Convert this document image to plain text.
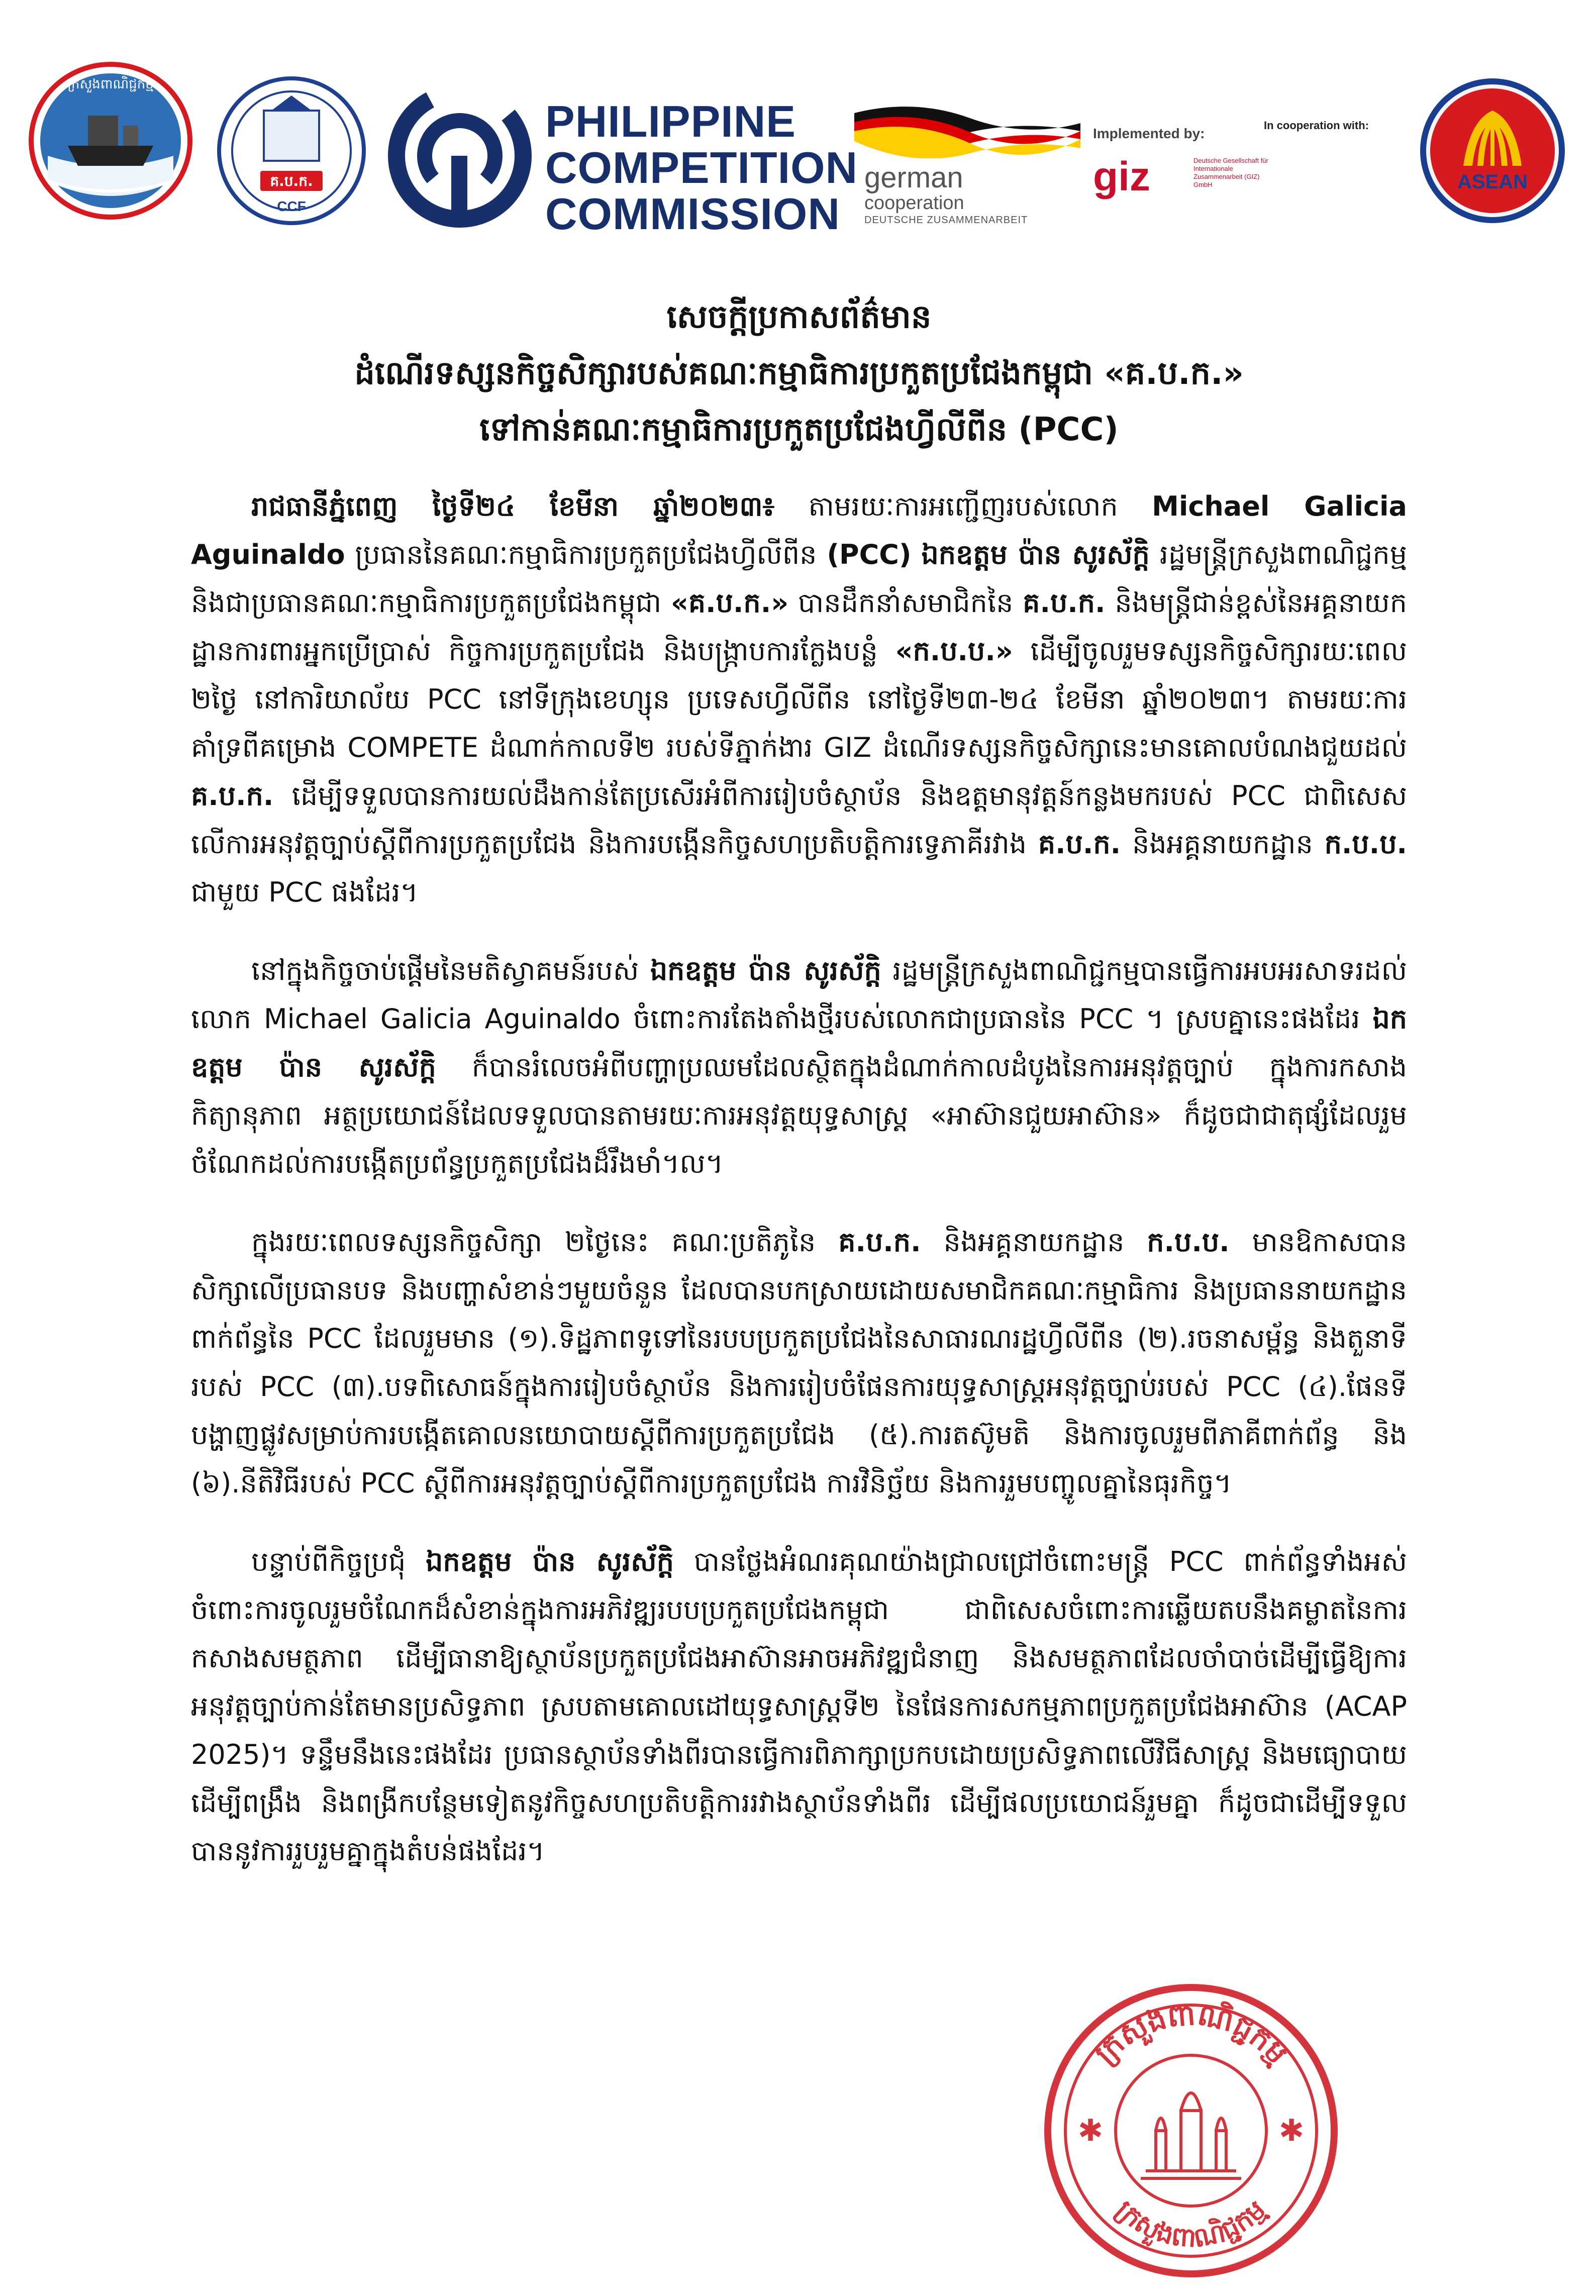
ក្រសួងពាណិជ្ជកម្ម
គ.ប.ក.
CCF
PHILIPPINE
COMPETITION
COMMISSION
german
cooperation
DEUTSCHE ZUSAMMENARBEIT
Implemented by:
giz	Deutsche Gesellschaft für Internationale Zusammenarbeit (GIZ) GmbH
In cooperation with:
ASEAN
សេចក្តីប្រកាសព័ត៌មាន
ដំណើរទស្សនកិច្ចសិក្សារបស់គណៈកម្មាធិការប្រកួតប្រជែងកម្ពុជា «គ.ប.ក.»
ទៅកាន់គណៈកម្មាធិការប្រកួតប្រជែងហ្វីលីពីន (PCC)

រាជធានីភ្នំពេញ ថ្ងៃទី២៤ ខែមីនា ឆ្នាំ២០២៣៖ តាមរយៈការអញ្ជើញរបស់លោក Michael Galicia Aguinaldo ប្រធាននៃគណៈកម្មាធិការប្រកួតប្រជែងហ្វីលីពីន (PCC) ឯកឧត្តម ប៉ាន សូរស័ក្តិ រដ្ឋមន្ត្រីក្រសួងពាណិជ្ជកម្ម និងជាប្រធានគណៈកម្មាធិការប្រកួតប្រជែងកម្ពុជា «គ.ប.ក.» បានដឹកនាំសមាជិកនៃ គ.ប.ក. និងមន្ត្រីជាន់ខ្ពស់នៃអគ្គនាយកដ្ឋានការពារអ្នកប្រើប្រាស់ កិច្ចការប្រកួតប្រជែង និងបង្ក្រាបការក្លែងបន្លំ «ក.ប.ប.» ដើម្បីចូលរួមទស្សនកិច្ចសិក្សារយៈពេល ២ថ្ងៃ នៅការិយាល័យ PCC នៅទីក្រុងខេហ្សុន ប្រទេសហ្វីលីពីន នៅថ្ងៃទី២៣-២៤ ខែមីនា ឆ្នាំ២០២៣។ តាមរយៈការគាំទ្រពីគម្រោង COMPETE ដំណាក់កាលទី២ របស់ទីភ្នាក់ងារ GIZ ដំណើរទស្សនកិច្ចសិក្សានេះមានគោលបំណងជួយដល់ គ.ប.ក. ដើម្បីទទួលបានការយល់ដឹងកាន់តែប្រសើរអំពីការរៀបចំស្ថាប័ន និងឧត្តមានុវត្តន៍កន្លងមករបស់ PCC ជាពិសេសលើការអនុវត្តច្បាប់ស្តីពីការប្រកួតប្រជែង និងការបង្កើនកិច្ចសហប្រតិបត្តិការទ្វេភាគីរវាង គ.ប.ក. និងអគ្គនាយកដ្ឋាន ក.ប.ប. ជាមួយ PCC ផងដែរ។

នៅក្នុងកិច្ចចាប់ផ្តើមនៃមតិស្វាគមន៍របស់ ឯកឧត្តម ប៉ាន សូរស័ក្តិ រដ្ឋមន្ត្រីក្រសួងពាណិជ្ជកម្មបានធ្វើការអបអរសាទរដល់ លោក Michael Galicia Aguinaldo ចំពោះការតែងតាំងថ្មីរបស់លោកជាប្រធាននៃ PCC ។ ស្របគ្នានេះផងដែរ ឯកឧត្តម ប៉ាន សូរស័ក្តិ ក៏បានរំលេចអំពីបញ្ហាប្រឈមដែលស្ថិតក្នុងដំណាក់កាលដំបូងនៃការអនុវត្តច្បាប់ ក្នុងការកសាងកិត្យានុភាព អត្ថប្រយោជន៍ដែលទទួលបានតាមរយៈការអនុវត្តយុទ្ធសាស្ត្រ «អាស៊ានជួយអាស៊ាន» ក៏ដូចជាជាតុផ្សំដែលរួមចំណែកដល់ការបង្កើតប្រព័ន្ធប្រកួតប្រជែងដ៏រឹងមាំ។ល។

ក្នុងរយៈពេលទស្សនកិច្ចសិក្សា ២ថ្ងៃនេះ គណៈប្រតិភូនៃ គ.ប.ក. និងអគ្គនាយកដ្ឋាន ក.ប.ប. មានឱកាសបានសិក្សាលើប្រធានបទ និងបញ្ហាសំខាន់ៗមួយចំនួន ដែលបានបកស្រាយដោយសមាជិកគណៈកម្មាធិការ និងប្រធាននាយកដ្ឋានពាក់ព័ន្ធនៃ PCC ដែលរួមមាន (១).ទិដ្ឋភាពទូទៅនៃរបបប្រកួតប្រជែងនៃសាធារណរដ្ឋហ្វីលីពីន (២).រចនាសម្ព័ន្ធ និងតួនាទីរបស់ PCC (៣).បទពិសោធន៍ក្នុងការរៀបចំស្ថាប័ន និងការរៀបចំផែនការយុទ្ធសាស្ត្រអនុវត្តច្បាប់របស់ PCC (៤).ផែនទីបង្ហាញផ្លូវសម្រាប់ការបង្កើតគោលនយោបាយស្តីពីការប្រកួតប្រជែង (៥).ការតស៊ូមតិ និងការចូលរួមពីភាគីពាក់ព័ន្ធ និង (៦).នីតិវិធីរបស់ PCC ស្តីពីការអនុវត្តច្បាប់ស្តីពីការប្រកួតប្រជែង ការវិនិច្ឆ័យ និងការរួមបញ្ចូលគ្នានៃធុរកិច្ច។

បន្ទាប់ពីកិច្ចប្រជុំ ឯកឧត្តម ប៉ាន សូរស័ក្តិ បានថ្លែងអំណរគុណយ៉ាងជ្រាលជ្រៅចំពោះមន្ត្រី PCC ពាក់ព័ន្ធទាំងអស់ ចំពោះការចូលរួមចំណែកដ៏សំខាន់ក្នុងការអភិវឌ្ឍរបបប្រកួតប្រជែងកម្ពុជា ជាពិសេសចំពោះការឆ្លើយតបនឹងគម្លាតនៃការកសាងសមត្ថភាព ដើម្បីធានាឱ្យស្ថាប័នប្រកួតប្រជែងអាស៊ានអាចអភិវឌ្ឍជំនាញ និងសមត្ថភាពដែលចាំបាច់ដើម្បីធ្វើឱ្យការអនុវត្តច្បាប់កាន់តែមានប្រសិទ្ធភាព ស្របតាមគោលដៅយុទ្ធសាស្ត្រទី២ នៃផែនការសកម្មភាពប្រកួតប្រជែងអាស៊ាន (ACAP 2025)។ ទន្ទឹមនឹងនេះផងដែរ ប្រធានស្ថាប័នទាំងពីរបានធ្វើការពិភាក្សាប្រកបដោយប្រសិទ្ធភាពលើវិធីសាស្ត្រ និងមធ្យោបាយ ដើម្បីពង្រឹង និងពង្រីកបន្ថែមទៀតនូវកិច្ចសហប្រតិបត្តិការរវាងស្ថាប័នទាំងពីរ ដើម្បីផលប្រយោជន៍រួមគ្នា ក៏ដូចជាដើម្បីទទួលបាននូវការរួបរួមគ្នាក្នុងតំបន់ផងដែរ។

ក្រសួងពាណិជ្ជកម្ម
ក្រសួងពាណិជ្ជកម្ម
✱	✱
